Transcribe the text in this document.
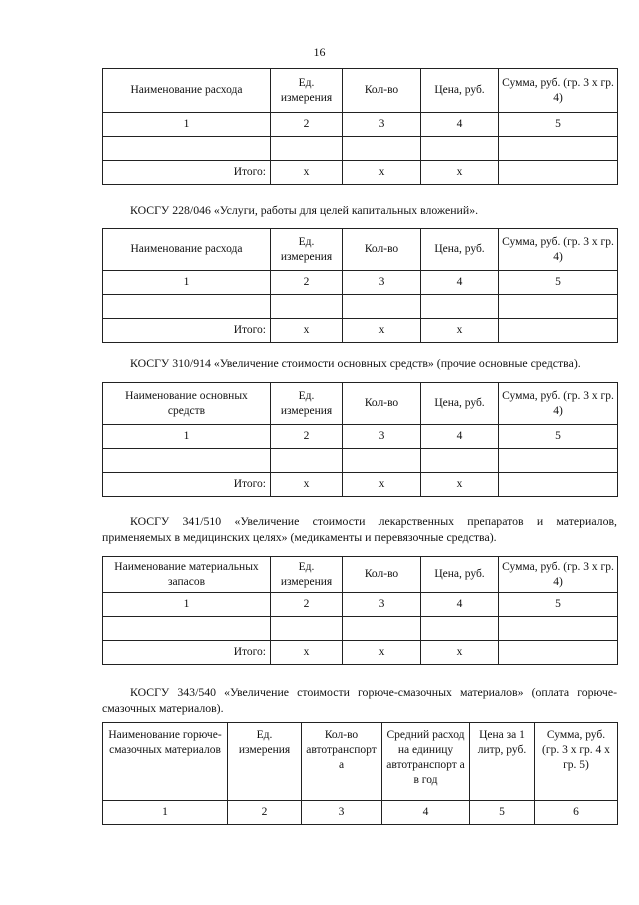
16
Наименование расхода	Ед. измерения	Кол-во	Цена, руб.	Сумма, руб. (гр. 3 х гр. 4)
1	2	3	4	5

Итого:	х	х	х	
КОСГУ 228/046 «Услуги, работы для целей капитальных вложений».
Наименование расхода	Ед. измерения	Кол-во	Цена, руб.	Сумма, руб. (гр. 3 х гр. 4)
1	2	3	4	5

Итого:	х	х	х	
КОСГУ 310/914 «Увеличение стоимости основных средств» (прочие основные средства).
Наименование основных средств	Ед. измерения	Кол-во	Цена, руб.	Сумма, руб. (гр. 3 х гр. 4)
1	2	3	4	5

Итого:	х	х	х	
КОСГУ 341/510 «Увеличение стоимости лекарственных препаратов и материалов,
применяемых в медицинских целях» (медикаменты и перевязочные средства).
Наименование материальных запасов	Ед. измерения	Кол-во	Цена, руб.	Сумма, руб. (гр. 3 х гр. 4)
1	2	3	4	5

Итого:	х	х	х	
КОСГУ 343/540 «Увеличение стоимости горюче-смазочных материалов» (оплата горюче-
смазочных материалов).
Наименование горюче-смазочных материалов	Ед. измерения	Кол-во автотранспорт а	Средний расход на единицу автотранспорт а в год	Цена за 1 литр, руб.	Сумма, руб. (гр. 3 х гр. 4 х гр. 5)
1	2	3	4	5	6
